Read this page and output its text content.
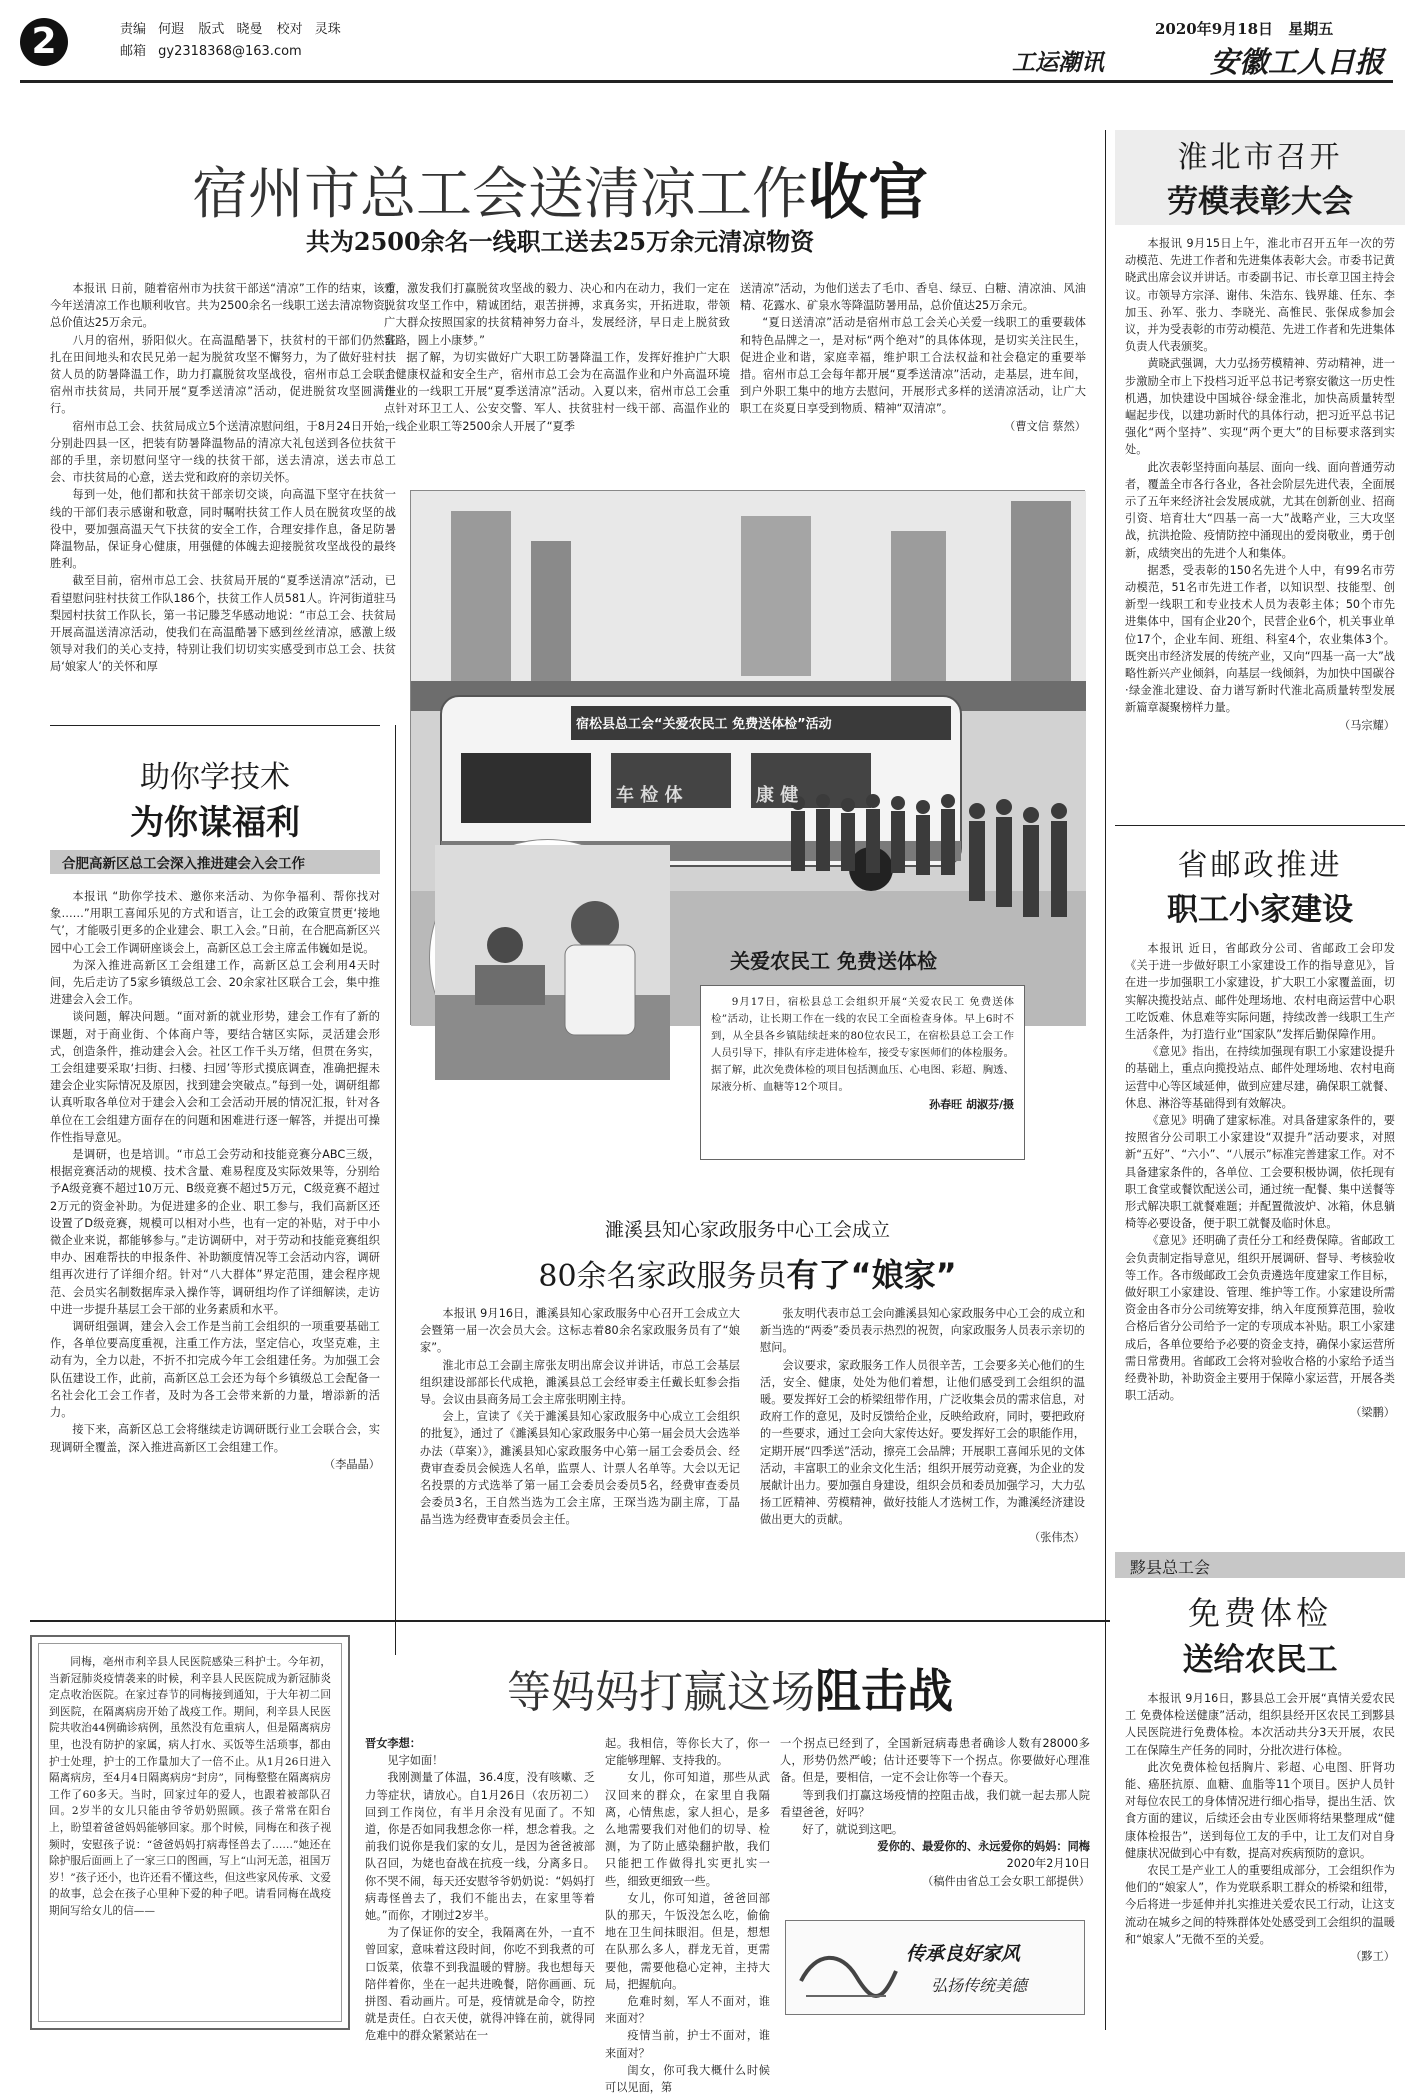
2	责编 何遐 版式 晓曼 校对 灵珠
邮箱 gy2318368@163.com
2020年9月18日 星期五
工运潮讯	安徽工人日报
宿州市总工会送清凉工作收官
共为2500余名一线职工送去25万余元清凉物资

本报讯 日前，随着宿州市为扶贫干部送“清凉”工作的结束，该市今年送清凉工作也顺利收官。共为2500余名一线职工送去清凉物资，总价值达25万余元。

八月的宿州，骄阳似火。在高温酷暑下，扶贫村的干部们仍然驻扎在田间地头和农民兄弟一起为脱贫攻坚不懈努力，为了做好驻村扶贫人员的防暑降温工作，助力打赢脱贫攻坚战役，宿州市总工会联合宿州市扶贫局，共同开展“夏季送清凉”活动，促进脱贫攻坚圆满进行。

宿州市总工会、扶贫局成立5个送清凉慰问组，于8月24日开始，分别赴四县一区，把装有防暑降温物品的清凉大礼包送到各位扶贫干部的手里，亲切慰问坚守一线的扶贫干部，送去清凉，送去市总工会、市扶贫局的心意，送去党和政府的亲切关怀。

每到一处，他们都和扶贫干部亲切交谈，向高温下坚守在扶贫一线的干部们表示感谢和敬意，同时嘱咐扶贫工作人员在脱贫攻坚的战役中，要加强高温天气下扶贫的安全工作，合理安排作息，备足防暑降温物品，保证身心健康，用强健的体魄去迎接脱贫攻坚战役的最终胜利。

截至目前，宿州市总工会、扶贫局开展的“夏季送清凉”活动，已看望慰问驻村扶贫工作队186个，扶贫工作人员581人。许河街道驻马梨园村扶贫工作队长，第一书记滕芝华感动地说：“市总工会、扶贫局开展高温送清凉活动，使我们在高温酷暑下感到丝丝清凉，感激上级领导对我们的关心支持，特别让我们切切实实感受到市总工会、扶贫局‘娘家人’的关怀和厚

爱，激发我们打赢脱贫攻坚战的毅力、决心和内在动力，我们一定在脱贫攻坚工作中，精诚团结，艰苦拼搏，求真务实，开拓进取，带领广大群众按照国家的扶贫精神努力奋斗，发展经济，早日走上脱贫致富路，圆上小康梦。”

据了解，为切实做好广大职工防暑降温工作，发挥好推护广大职工健康权益和安全生产，宿州市总工会为在高温作业和户外高温环境作业的一线职工开展“夏季送清凉”活动。入夏以来，宿州市总工会重点针对环卫工人、公安交警、军人、扶贫驻村一线干部、高温作业的一线企业职工等2500余人开展了“夏季

送清凉”活动，为他们送去了毛巾、香皂、绿豆、白糖、清凉油、风油精、花露水、矿泉水等降温防暑用品，总价值达25万余元。

“夏日送清凉”活动是宿州市总工会关心关爱一线职工的重要载体和特色品牌之一，是对标“两个绝对”的具体体现，是切实关注民生，促进企业和谐，家庭幸福，维护职工合法权益和社会稳定的重要举措。宿州市总工会每年都开展“夏季送清凉”活动，走基层，进车间，到户外职工集中的地方去慰问，开展形式多样的送清凉活动，让广大职工在炎夏日享受到物质、精神“双清凉”。

（曹文信 蔡然）

宿松县总工会“关爱农民工 免费送体检”活动
车 检 体	康 健
关爱农民工 免费送体检

9月17日，宿松县总工会组织开展“关爱农民工 免费送体检”活动，让长期工作在一线的农民工全面检查身体。早上6时不到，从全县各乡镇陆续赶来的80位农民工，在宿松县总工会工作人员引导下，排队有序走进体检车，接受专家医师们的体检服务。据了解，此次免费体检的项目包括测血压、心电图、彩超、胸透、尿液分析、血糖等12个项目。

孙春旺 胡淑芬/摄

助你学技术
为你谋福利
合肥高新区总工会深入推进建会入会工作

本报讯 “助你学技术、邀你来活动、为你争福利、帮你找对象……”用职工喜闻乐见的方式和语言，让工会的政策宣贯更‘接地气’，才能吸引更多的企业建会、职工入会。”日前，在合肥高新区兴园中心工会工作调研座谈会上，高新区总工会主席孟伟巍如是说。

为深入推进高新区工会组建工作，高新区总工会利用4天时间，先后走访了5家乡镇级总工会、20余家社区联合工会，集中推进建会入会工作。

谈问题，解决问题。“面对新的就业形势，建会工作有了新的课题，对于商业街、个体商户等，要结合辖区实际，灵活建会形式，创造条件，推动建会入会。社区工作千头万绪，但贯在务实，工会组建要采取‘扫街、扫楼、扫园’等形式摸底调查，准确把握未建会企业实际情况及原因，找到建会突破点。”每到一处，调研组都认真听取各单位对于建会入会和工会活动开展的情况汇报，针对各单位在工会组建方面存在的问题和困难进行逐一解答，并提出可操作性指导意见。

是调研，也是培训。“市总工会劳动和技能竞赛分ABC三级，根据竞赛活动的规模、技术含量、难易程度及实际效果等，分别给予A级竞赛不超过10万元、B级竞赛不超过5万元，C级竞赛不超过2万元的资金补助。为促进建多的企业、职工参与，我们高新区还设置了D级竞赛，规模可以相对小些，也有一定的补贴，对于中小微企业来说，都能够参与。”走访调研中，对于劳动和技能竞赛组织申办、困难帮扶的申报条件、补助额度情况等工会活动内容，调研组再次进行了详细介绍。针对“八大群体”界定范围，建会程序规范、会员实名制数据库录入操作等，调研组均作了详细解读，走访中进一步提升基层工会干部的业务素质和水平。

调研组强调，建会入会工作是当前工会组织的一项重要基础工作，各单位要高度重视，注重工作方法，坚定信心，攻坚克难，主动有为，全力以赴，不折不扣完成今年工会组建任务。为加强工会队伍建设工作，此前，高新区总工会还为每个乡镇级总工会配备一名社会化工会工作者，及时为各工会带来新的力量，增添新的活力。

接下来，高新区总工会将继续走访调研既行业工会联合会，实现调研全覆盖，深入推进高新区工会组建工作。

（李晶晶）

濉溪县知心家政服务中心工会成立
80余名家政服务员有了“娘家”

本报讯 9月16日，濉溪县知心家政服务中心召开工会成立大会暨第一届一次会员大会。这标志着80余名家政服务员有了“娘家”。

淮北市总工会副主席张友明出席会议并讲话，市总工会基层组织建设部部长代成艳，濉溪县总工会经审委主任戴长虹参会指导。会议由县商务局工会主席张明刚主持。

会上，宣读了《关于濉溪县知心家政服务中心成立工会组织的批复》，通过了《濉溪县知心家政服务中心第一届会员大会选举办法（草案）》，濉溪县知心家政服务中心第一届工会委员会、经费审查委员会候选人名单，监票人、计票人名单等。大会以无记名投票的方式选举了第一届工会委员会委员5名，经费审查委员会委员3名，王自然当选为工会主席，王琛当选为副主席，丁晶晶当选为经费审查委员会主任。

张友明代表市总工会向濉溪县知心家政服务中心工会的成立和新当选的“两委”委员表示热烈的祝贺，向家政服务人员表示亲切的慰问。

会议要求，家政服务工作人员很辛苦，工会要多关心他们的生活，安全、健康，处处为他们着想，让他们感受到工会组织的温暖。要发挥好工会的桥梁纽带作用，广泛收集会员的需求信息，对政府工作的意见，及时反馈给企业，反映给政府，同时，要把政府的一些要求，通过工会向大家传达好。要发挥好工会的职能作用，定期开展“四季送”活动，擦亮工会品牌；开展职工喜闻乐见的文体活动，丰富职工的业余文化生活；组织开展劳动竞赛，为企业的发展献计出力。要加强自身建设，组织会员和委员加强学习，大力弘扬工匠精神、劳模精神，做好技能人才选树工作，为濉溪经济建设做出更大的贡献。

（张伟杰）

同梅，亳州市利辛县人民医院感染三科护士。今年初，当新冠肺炎疫情袭来的时候，利辛县人民医院成为新冠肺炎定点收治医院。在家过春节的同梅接到通知，于大年初二回到医院，在隔离病房开始了战疫工作。期间，利辛县人民医院共收治44例确诊病例，虽然没有危重病人，但是隔离病房里，也没有防护的家属，病人打水、买饭等生活琐事，都由护士处理，护士的工作量加大了一倍不止。从1月26日进入隔离病房，至4月4日隔离病房“封房”，同梅整整在隔离病房工作了60多天。当时，回家过年的爱人，也跟着被部队召回。2岁半的女儿只能由爷爷奶奶照顾。孩子常常在阳台上，盼望着爸爸妈妈能够回家。那个时候，同梅在和孩子视频时，安慰孩子说：“爸爸妈妈打病毒怪兽去了……”她还在除护服后面画上了一家三口的图画，写上“山河无恙，祖国万岁！”孩子还小，也许还看不懂这些，但这些家风传承、文爱的故事，总会在孩子心里种下爱的种子吧。请看同梅在战疫期间写给女儿的信——

等妈妈打赢这场阻击战

晋女李想：

见字如面！

我刚测量了体温，36.4度，没有咳嗽、乏力等症状，请放心。自1月26日（农历初二）回到工作岗位，有半月余没有见面了。不知道，你是否如同我想念你一样，想念着我。之前我们说你是我们家的女儿，是因为爸爸被部队召回，为姥也奋战在抗疫一线，分离多日。你不哭不闹，每天还安慰爷爷奶奶说：“妈妈打病毒怪兽去了，我们不能出去，在家里等着她。”而你，才刚过2岁半。

为了保证你的安全，我隔离在外，一直不曾回家，意味着这段时间，你吃不到我煮的可口饭菜，依靠不到我温暖的臂膀。我也想每天陪伴着你，坐在一起共进晚餐，陪你画画、玩拼图、看动画片。可是，疫情就是命令，防控就是责任。白衣天使，就得冲锋在前，就得同危难中的群众紧紧站在一

起。我相信，等你长大了，你一定能够理解、支持我的。

女儿，你可知道，那些从武汉回来的群众，在家里自我隔离，心情焦虑，家人担心，是多么地需要我们对他们的切导、检测，为了防止感染翻护散，我们只能把工作做得扎实更扎实一些，细致更细致一些。

女儿，你可知道，爸爸回部队的那天，午饭没怎么吃，偷偷地在卫生间抹眼泪。但是，想想在队那么多人，群龙无首，更需要他，需要他稳心定神，主持大局，把握航向。

危难时刻，军人不面对，谁来面对？

疫情当前，护士不面对，谁来面对？

闺女，你可我大概什么时候可以见面，第

一个拐点已经到了，全国新冠病毒患者确诊人数有28000多人，形势仍然严峻；估计还要等下一个拐点。你要做好心理准备。但是，要相信，一定不会让你等一个春天。

等到我们打赢这场疫情的控阻击战，我们就一起去那人院看望爸爸，好吗？

好了，就说到这吧。

爱你的、最爱你的、永远爱你的妈妈：同梅

2020年2月10日

（稿件由省总工会女职工部提供）

传承良好家风
弘扬传统美德
淮北市召开
劳模表彰大会

本报讯 9月15日上午，淮北市召开五年一次的劳动模范、先进工作者和先进集体表彰大会。市委书记黄晓武出席会议并讲话。市委副书记、市长章卫国主持会议。市领导方宗泽、谢伟、朱浩东、钱界雄、任东、李加玉、孙军、张力、李晓光、高惟民、张保成参加会议，并为受表彰的市劳动模范、先进工作者和先进集体负责人代表颁奖。

黄晓武强调，大力弘扬劳模精神、劳动精神，进一步激励全市上下投档习近平总书记考察安徽这一历史性机遇，加快建设中国城谷·绿金淮北，加快高质量转型崛起步伐，以建功新时代的具体行动，把习近平总书记强化“两个坚持”、实现“两个更大”的目标要求落到实处。

此次表彰坚持面向基层、面向一线、面向普通劳动者，覆盖全市各行各业，各社会阶层先进代表，全面展示了五年来经济社会发展成就，尤其在创新创业、招商引资、培育壮大“四基一高一大”战略产业，三大攻坚战，抗洪抢险、疫情防控中涌现出的爱岗敬业，勇于创新，成绩突出的先进个人和集体。

据悉，受表彰的150名先进个人中，有99名市劳动模范，51名市先进工作者，以知识型、技能型、创新型一线职工和专业技术人员为表彰主体；50个市先进集体中，国有企业20个，民营企业6个，机关事业单位17个，企业车间、班组、科室4个，农业集体3个。既突出市经济发展的传统产业，又向“四基一高一大”战略性新兴产业倾斜，向基层一线倾斜，为加快中国碳谷·绿金淮北建设、奋力谱写新时代淮北高质量转型发展新篇章凝聚榜样力量。

（马宗耀）

省邮政推进
职工小家建设

本报讯 近日，省邮政分公司、省邮政工会印发《关于进一步做好职工小家建设工作的指导意见》，旨在进一步加强职工小家建设，扩大职工小家覆盖面，切实解决揽投站点、邮件处理场地、农村电商运营中心职工吃饭难、休息难等实际问题，持续改善一线职工生产生活条件，为打造行业“国家队”发挥后勤保障作用。

《意见》指出，在持续加强现有职工小家建设提升的基础上，重点向揽投站点、邮件处理场地、农村电商运营中心等区域延伸，做到应建尽建，确保职工就餐、休息、淋浴等基础得到有效解决。

《意见》明确了建家标准。对具备建家条件的，要按照省分公司职工小家建设“双提升”活动要求，对照新“五好”、“六小”、“八展示”标准完善建家工作。对不具备建家条件的，各单位、工会要积极协调，依托现有职工食堂或餐饮配送公司，通过统一配餐、集中送餐等形式解决职工就餐难题；并配置微波炉、冰箱，休息躺椅等必要设备，便于职工就餐及临时休息。

《意见》还明确了责任分工和经费保障。省邮政工会负责制定指导意见，组织开展调研、督导、考核验收等工作。各市级邮政工会负责遴选年度建家工作目标，做好职工小家建设、管理、维护等工作。小家建设所需资金由各市分公司统筹安排，纳入年度预算范围，验收合格后省分公司给予一定的专项成本补贴。职工小家建成后，各单位要给予必要的资金支持，确保小家运营所需日常费用。省邮政工会将对验收合格的小家给予适当经费补助，补助资金主要用于保障小家运营，开展各类职工活动。

（梁鹏）

黟县总工会
免费体检
送给农民工

本报讯 9月16日，黟县总工会开展“真情关爱农民工 免费体检送健康”活动，组织县经开区农民工到黟县人民医院进行免费体检。本次活动共分3天开展，农民工在保障生产任务的同时，分批次进行体检。

此次免费体检包括胸片、彩超、心电图、肝肾功能、癌胚抗原、血糖、血脂等11个项目。医护人员针对每位农民工的身体情况进行细心指导，提出生活、饮食方面的建议，后续还会由专业医师将结果整理成“健康体检报告”，送到每位工友的手中，让工友们对自身健康状况做到心中有数，提高对疾病预防的意识。

农民工是产业工人的重要组成部分，工会组织作为他们的“娘家人”，作为党联系职工群众的桥梁和纽带，今后将进一步延伸并扎实推进关爱农民工行动，让这支流动在城乡之间的特殊群体处处感受到工会组织的温暖和“娘家人”无微不至的关爱。

（黟工）
